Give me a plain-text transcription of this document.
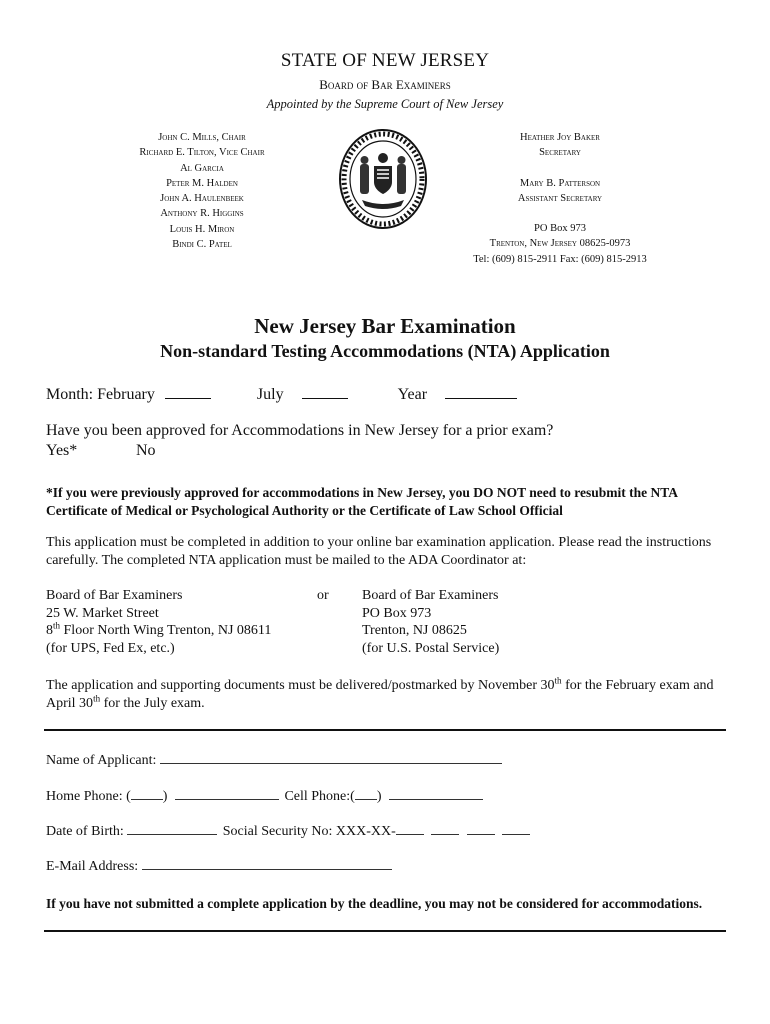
STATE OF NEW JERSEY
Board of Bar Examiners
Appointed by the Supreme Court of New Jersey
John C. Mills, Chair
Richard E. Tilton, Vice Chair
Al Garcia
Peter M. Halden
John A. Haulenbeek
Anthony R. Higgins
Louis H. Miron
Bindi C. Patel
Heather Joy Baker
Secretary
Mary B. Patterson
Assistant Secretary
PO Box 973
Trenton, New Jersey 08625-0973
Tel: (609) 815-2911 Fax: (609) 815-2913
New Jersey Bar Examination
Non-standard Testing Accommodations (NTA) Application
Month: February	July	Year
Have you been approved for Accommodations in New Jersey for a prior exam?
Yes*	No
*If you were previously approved for accommodations in New Jersey, you DO NOT need to resubmit the NTA Certificate of Medical or Psychological Authority or the Certificate of Law School Official
This application must be completed in addition to your online bar examination application. Please read the instructions carefully. The completed NTA application must be mailed to the ADA Coordinator at:
Board of Bar Examiners
25 W. Market Street
8th Floor North Wing Trenton, NJ 08611
(for UPS, Fed Ex, etc.)
or Board of Bar Examiners
PO Box 973
Trenton, NJ 08625
(for U.S. Postal Service)
The application and supporting documents must be delivered/postmarked by November 30th for the February exam and April 30th for the July exam.
Name of Applicant:
Home Phone: ( )	Cell Phone:( )
Date of Birth:	Social Security No: XXX-XX-
E-Mail Address:
If you have not submitted a complete application by the deadline, you may not be considered for accommodations.
